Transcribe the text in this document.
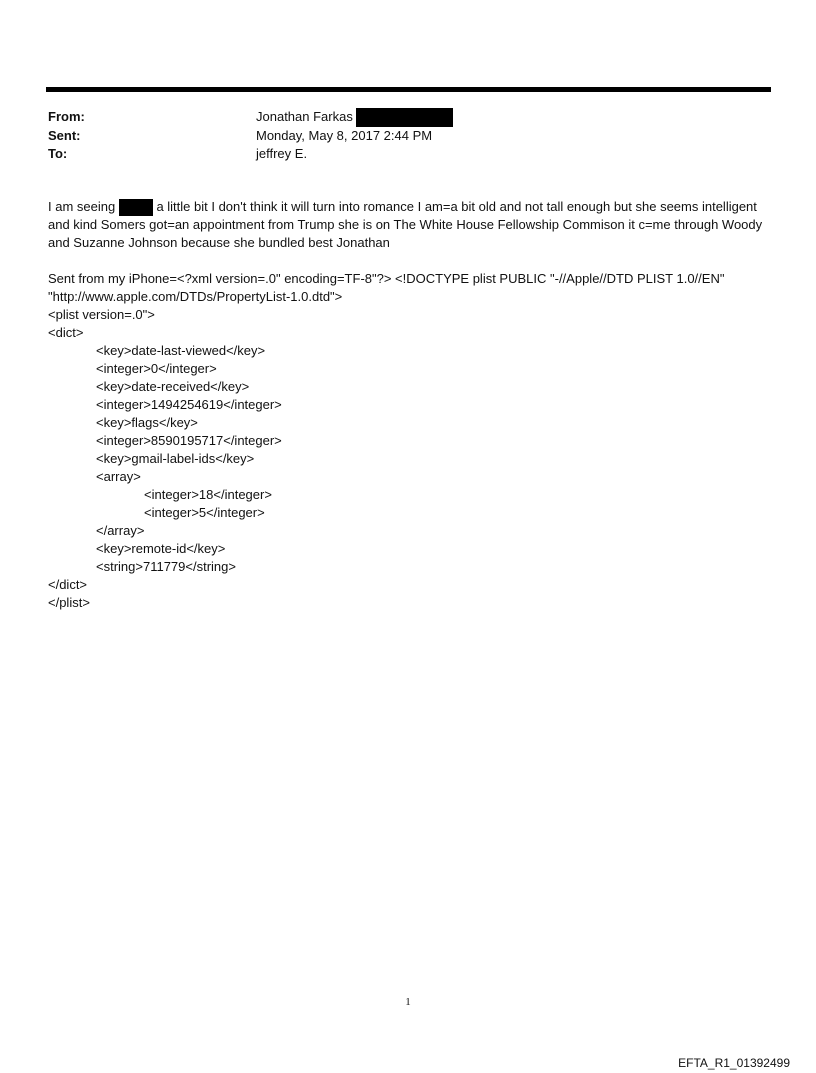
From:	Jonathan Farkas
Sent:	Monday, May 8, 2017 2:44 PM
To:	jeffrey E.
I am seeing	a little bit I don't think it will turn into romance I am=a bit old and not tall enough but she seems intelligent and kind Somers got=an appointment from Trump she is on The White House Fellowship Commison it c=me through Woody and Suzanne Johnson because she bundled best Jonathan
Sent from my iPhone=<?xml version=.0" encoding=TF-8"?> <!DOCTYPE plist PUBLIC "-//Apple//DTD PLIST 1.0//EN" "http://www.apple.com/DTDs/PropertyList-1.0.dtd">
<plist version=.0">
<dict>
<key>date-last-viewed</key>
<integer>0</integer>
<key>date-received</key>
<integer>1494254619</integer>
<key>flags</key>
<integer>8590195717</integer>
<key>gmail-label-ids</key>
<array>
<integer>18</integer>
<integer>5</integer>
</array>
<key>remote-id</key>
<string>711779</string>
</dict>
</plist>
1
EFTA_R1_01392499
